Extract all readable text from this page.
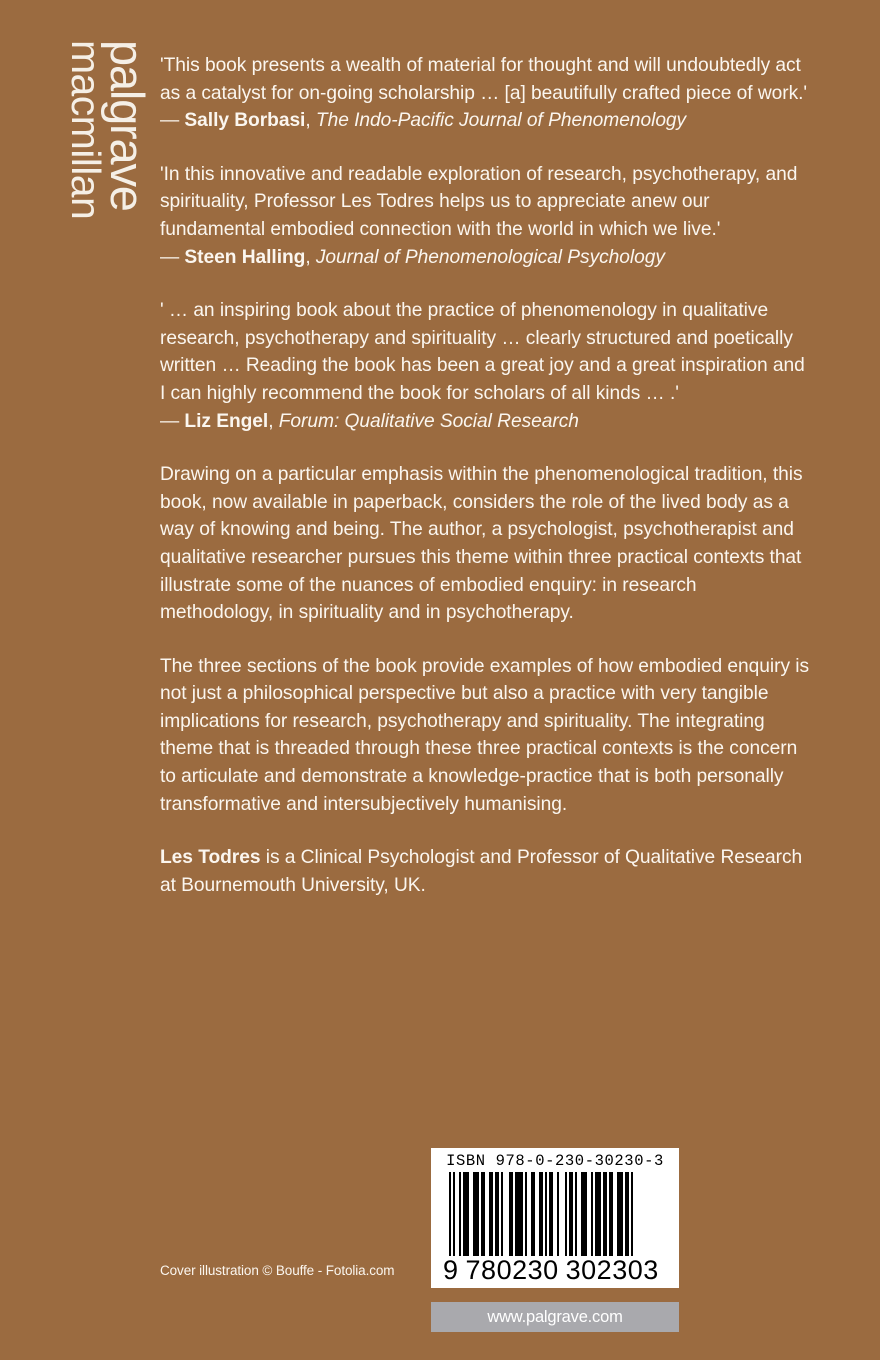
palgrave
macmillan	'This book presents a wealth of material for thought and will undoubtedly act as a catalyst for on-going scholarship … [a] beautifully crafted piece of work.'
— Sally Borbasi, The Indo-Pacific Journal of Phenomenology

'In this innovative and readable exploration of research, psychotherapy, and spirituality, Professor Les Todres helps us to appreciate anew our fundamental embodied connection with the world in which we live.'
— Steen Halling, Journal of Phenomenological Psychology

' … an inspiring book about the practice of phenomenology in qualitative research, psychotherapy and spirituality … clearly structured and poetically written … Reading the book has been a great joy and a great inspiration and I can highly recommend the book for scholars of all kinds … .'
— Liz Engel, Forum: Qualitative Social Research

Drawing on a particular emphasis within the phenomenological tradition, this book, now available in paperback, considers the role of the lived body as a way of knowing and being. The author, a psychologist, psychotherapist and qualitative researcher pursues this theme within three practical contexts that illustrate some of the nuances of embodied enquiry: in research methodology, in spirituality and in psychotherapy.

The three sections of the book provide examples of how embodied enquiry is not just a philosophical perspective but also a practice with very tangible implications for research, psychotherapy and spirituality. The integrating theme that is threaded through these three practical contexts is the concern to articulate and demonstrate a knowledge-practice that is both personally transformative and intersubjectively humanising.

Les Todres is a Clinical Psychologist and Professor of Qualitative Research at Bournemouth University, UK.

Cover illustration © Bouffe - Fotolia.com
ISBN 978-0-230-30230-3
9 780230 302303
www.palgrave.com
